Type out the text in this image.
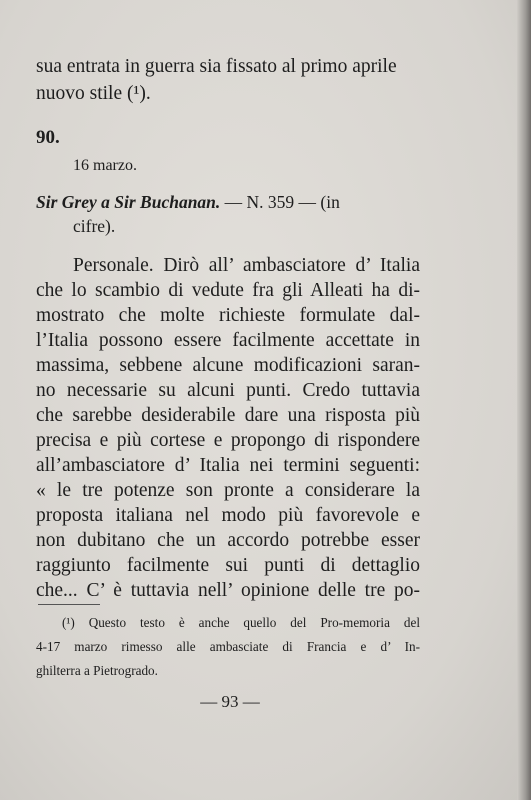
sua entrata in guerra sia fissato al primo aprile
nuovo stile (¹).
90.
16 marzo.
Sir Grey a Sir Buchanan. — N. 359 — (in
cifre).
Personale. Dirò all’ ambasciatore d’ Italia
che lo scambio di vedute fra gli Alleati ha di-
mostrato che molte richieste formulate dal-
l’Italia possono essere facilmente accettate in
massima, sebbene alcune modificazioni saran-
no necessarie su alcuni punti. Credo tuttavia
che sarebbe desiderabile dare una risposta più
precisa e più cortese e propongo di rispondere
all’ambasciatore d’ Italia nei termini seguenti:
« le tre potenze son pronte a considerare la
proposta italiana nel modo più favorevole e
non dubitano che un accordo potrebbe esser
raggiunto facilmente sui punti di dettaglio
che... C’ è tuttavia nell’ opinione delle tre po-
(¹) Questo testo è anche quello del Pro-memoria del
4-17 marzo rimesso alle ambasciate di Francia e d’ In-
ghilterra a Pietrogrado.
— 93 —
